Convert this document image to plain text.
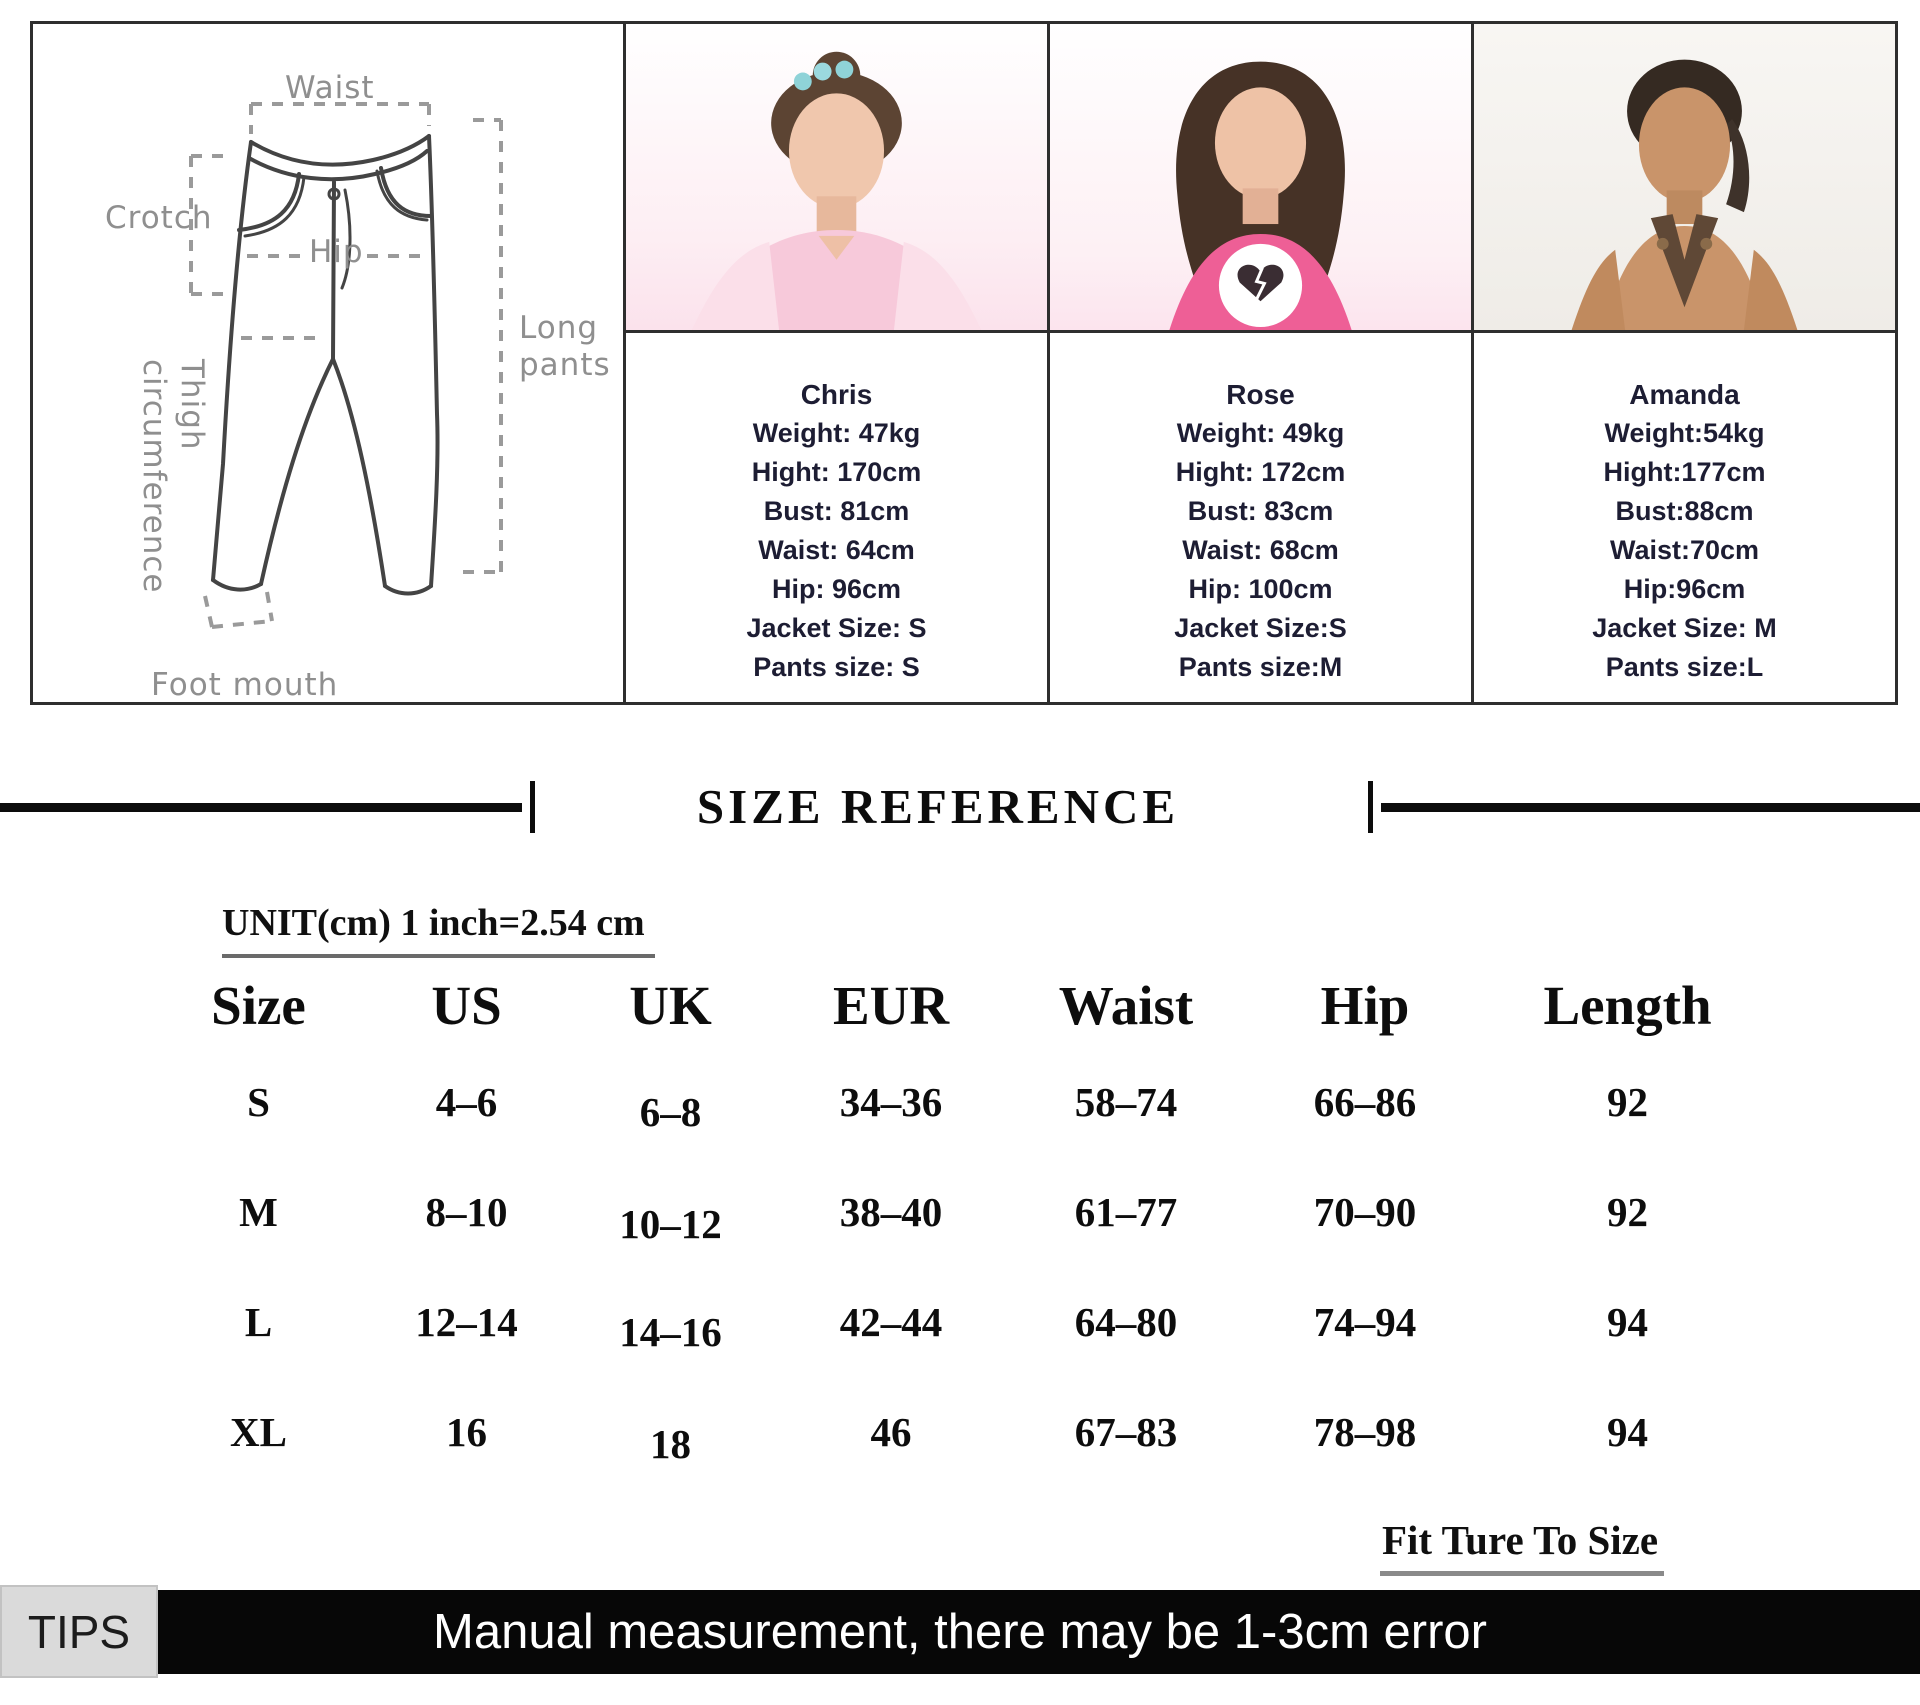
Waist
Crotch
Hip
Thigh circumference
Long pants
Foot mouth
Chris
Weight: 47kg
Hight: 170cm
Bust: 81cm
Waist: 64cm
Hip: 96cm
Jacket Size: S
Pants size: S
Rose
Weight: 49kg
Hight: 172cm
Bust: 83cm
Waist: 68cm
Hip: 100cm
Jacket Size:S
Pants size:M
Amanda
Weight:54kg
Hight:177cm
Bust:88cm
Waist:70cm
Hip:96cm
Jacket Size: M
Pants size:L
SIZE REFERENCE
UNIT(cm) 1 inch=2.54 cm
Size	US	UK	EUR	Waist	Hip	Length
S	4–6	6–8	34–36	58–74	66–86	92
M	8–10	10–12	38–40	61–77	70–90	92
L	12–14	14–16	42–44	64–80	74–94	94
XL	16	18	46	67–83	78–98	94
Fit Ture To Size
Manual measurement, there may be 1-3cm error
TIPS
